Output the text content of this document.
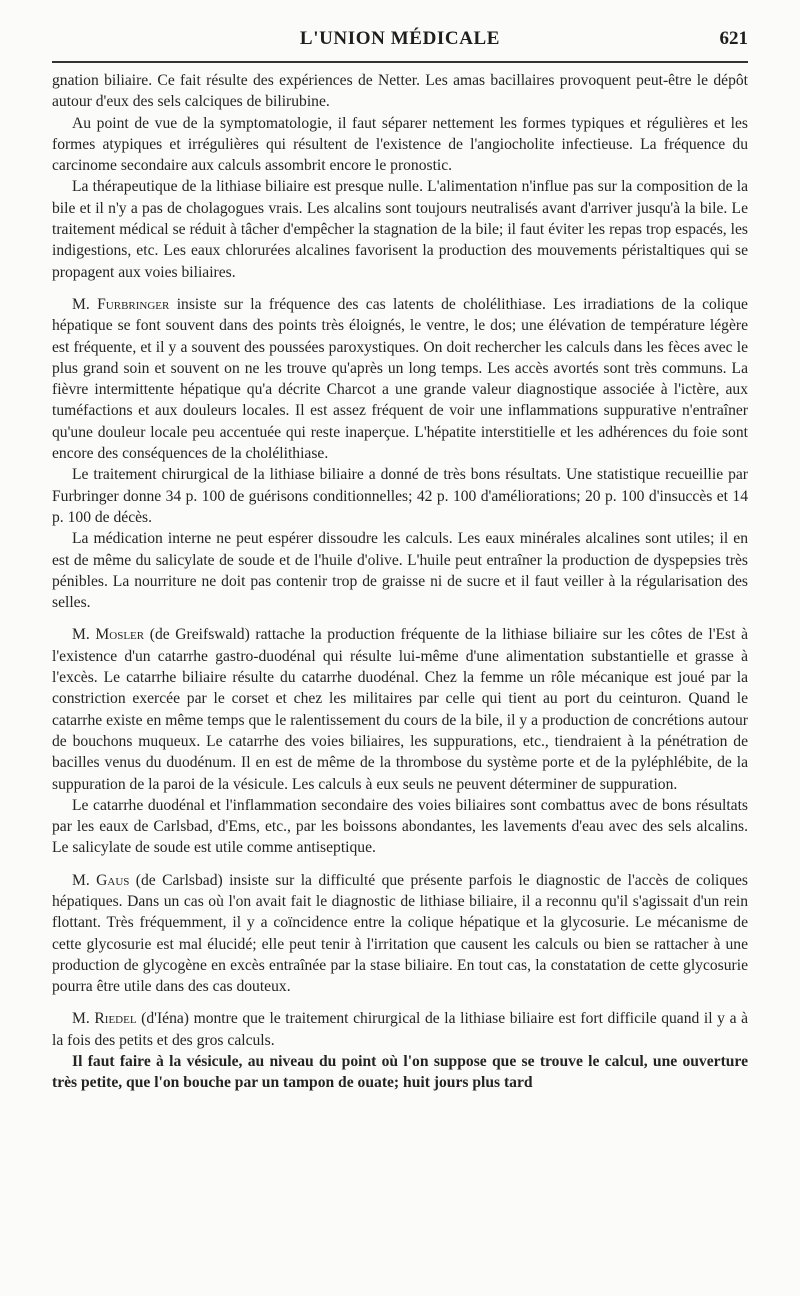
L'UNION MÉDICALE	621

gnation biliaire. Ce fait résulte des expériences de Netter. Les amas bacillaires provoquent peut-être le dépôt autour d'eux des sels calciques de bilirubine.

Au point de vue de la symptomatologie, il faut séparer nettement les formes typiques et régulières et les formes atypiques et irrégulières qui résultent de l'existence de l'angiocholite infectieuse. La fréquence du carcinome secondaire aux calculs assombrit encore le pronostic.

La thérapeutique de la lithiase biliaire est presque nulle. L'alimentation n'influe pas sur la composition de la bile et il n'y a pas de cholagogues vrais. Les alcalins sont toujours neutralisés avant d'arriver jusqu'à la bile. Le traitement médical se réduit à tâcher d'empêcher la stagnation de la bile; il faut éviter les repas trop espacés, les indigestions, etc. Les eaux chlorurées alcalines favorisent la production des mouvements péristaltiques qui se propagent aux voies biliaires.

M. Furbringer insiste sur la fréquence des cas latents de cholélithiase. Les irradiations de la colique hépatique se font souvent dans des points très éloignés, le ventre, le dos; une élévation de température légère est fréquente, et il y a souvent des poussées paroxystiques. On doit rechercher les calculs dans les fèces avec le plus grand soin et souvent on ne les trouve qu'après un long temps. Les accès avortés sont très communs. La fièvre intermittente hépatique qu'a décrite Charcot a une grande valeur diagnostique associée à l'ictère, aux tuméfactions et aux douleurs locales. Il est assez fréquent de voir une inflammations suppurative n'entraîner qu'une douleur locale peu accentuée qui reste inaperçue. L'hépatite interstitielle et les adhérences du foie sont encore des conséquences de la cholélithiase.

Le traitement chirurgical de la lithiase biliaire a donné de très bons résultats. Une statistique recueillie par Furbringer donne 34 p. 100 de guérisons conditionnelles; 42 p. 100 d'améliorations; 20 p. 100 d'insuccès et 14 p. 100 de décès.

La médication interne ne peut espérer dissoudre les calculs. Les eaux minérales alcalines sont utiles; il en est de même du salicylate de soude et de l'huile d'olive. L'huile peut entraîner la production de dyspepsies très pénibles. La nourriture ne doit pas contenir trop de graisse ni de sucre et il faut veiller à la régularisation des selles.

M. Mosler (de Greifswald) rattache la production fréquente de la lithiase biliaire sur les côtes de l'Est à l'existence d'un catarrhe gastro-duodénal qui résulte lui-même d'une alimentation substantielle et grasse à l'excès. Le catarrhe biliaire résulte du catarrhe duodénal. Chez la femme un rôle mécanique est joué par la constriction exercée par le corset et chez les militaires par celle qui tient au port du ceinturon. Quand le catarrhe existe en même temps que le ralentissement du cours de la bile, il y a production de concrétions autour de bouchons muqueux. Le catarrhe des voies biliaires, les suppurations, etc., tiendraient à la pénétration de bacilles venus du duodénum. Il en est de même de la thrombose du système porte et de la pyléphlébite, de la suppuration de la paroi de la vésicule. Les calculs à eux seuls ne peuvent déterminer de suppuration.

Le catarrhe duodénal et l'inflammation secondaire des voies biliaires sont combattus avec de bons résultats par les eaux de Carlsbad, d'Ems, etc., par les boissons abondantes, les lavements d'eau avec des sels alcalins. Le salicylate de soude est utile comme antiseptique.

M. Gaus (de Carlsbad) insiste sur la difficulté que présente parfois le diagnostic de l'accès de coliques hépatiques. Dans un cas où l'on avait fait le diagnostic de lithiase biliaire, il a reconnu qu'il s'agissait d'un rein flottant. Très fréquemment, il y a coïncidence entre la colique hépatique et la glycosurie. Le mécanisme de cette glycosurie est mal élucidé; elle peut tenir à l'irritation que causent les calculs ou bien se rattacher à une production de glycogène en excès entraînée par la stase biliaire. En tout cas, la constatation de cette glycosurie pourra être utile dans des cas douteux.

M. Riedel (d'Iéna) montre que le traitement chirurgical de la lithiase biliaire est fort difficile quand il y a à la fois des petits et des gros calculs.

Il faut faire à la vésicule, au niveau du point où l'on suppose que se trouve le calcul, une ouverture très petite, que l'on bouche par un tampon de ouate; huit jours plus tard
